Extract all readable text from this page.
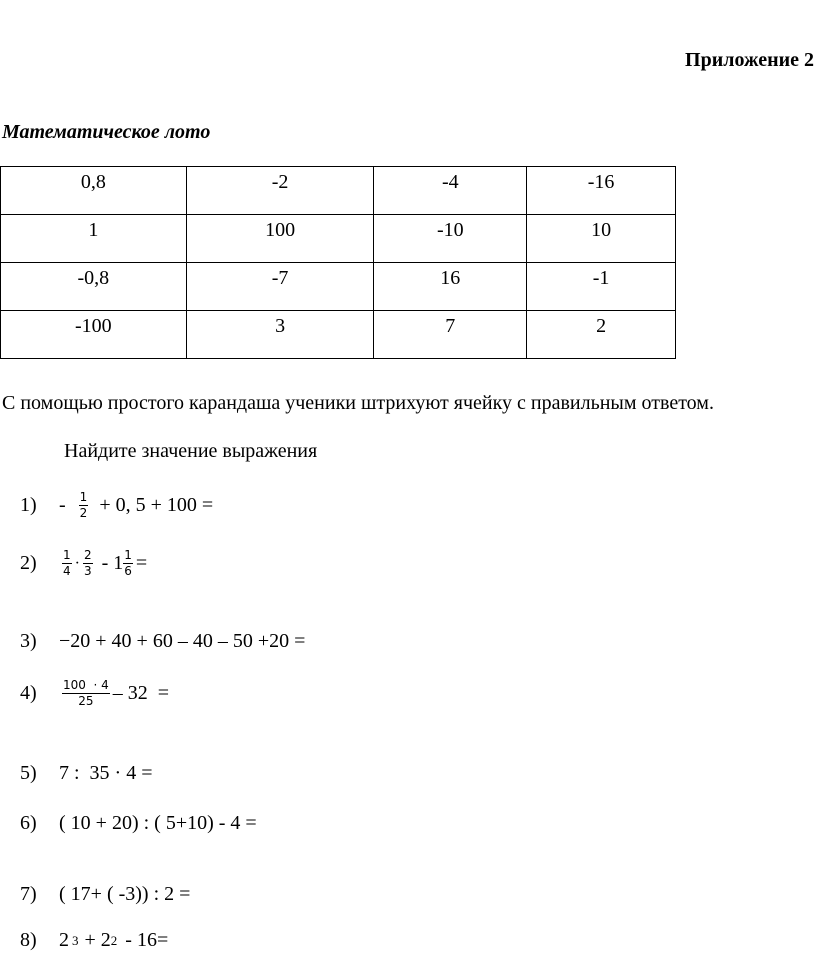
Приложение 2
Математическое лото
0,8	-2	-4	-16
1	100	-10	10
-0,8	-7	16	-1
-100	3	7	2
С помощью простого карандаша ученики штрихуют ячейку с правильным ответом.
Найдите значение выражения
1)	- $\frac{1}{2} + 0$, 5 + 100 =
2)	$\frac{1}{4} \cdot \frac{2}{3} - 1 \frac{1}{6}$ =
3)	−20 + 40 + 60 – 40 – 50 +20 =
4)	$\frac{100 \cdot 4}{25} - 32$  =
5)	7 :  35 · 4 =
6)	( 10 + 20) : ( 5+10) - 4 =
7)	( 17+ ( -3)) : 2 =
8)	2 3 + 2 2 - 16=
